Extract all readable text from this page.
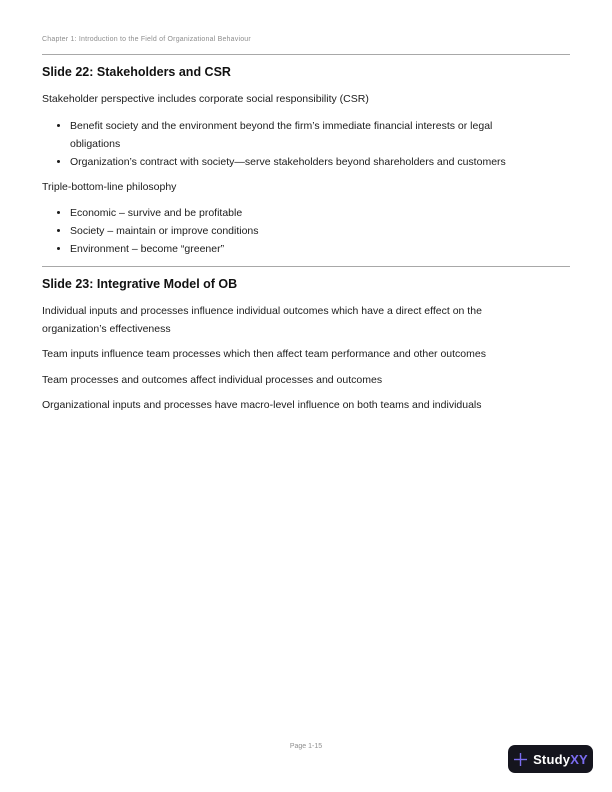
Chapter 1: Introduction to the Field of Organizational Behaviour
Slide 22: Stakeholders and CSR

Stakeholder perspective includes corporate social responsibility (CSR)

• Benefit society and the environment beyond the firm’s immediate financial interests or legal obligations
• Organization’s contract with society—serve stakeholders beyond shareholders and customers

Triple-bottom-line philosophy

• Economic – survive and be profitable
• Society – maintain or improve conditions
• Environment – become “greener”
Slide 23: Integrative Model of OB

Individual inputs and processes influence individual outcomes which have a direct effect on the organization’s effectiveness

Team inputs influence team processes which then affect team performance and other outcomes

Team processes and outcomes affect individual processes and outcomes

Organizational inputs and processes have macro-level influence on both teams and individuals

Page 1-15
StudyXY
